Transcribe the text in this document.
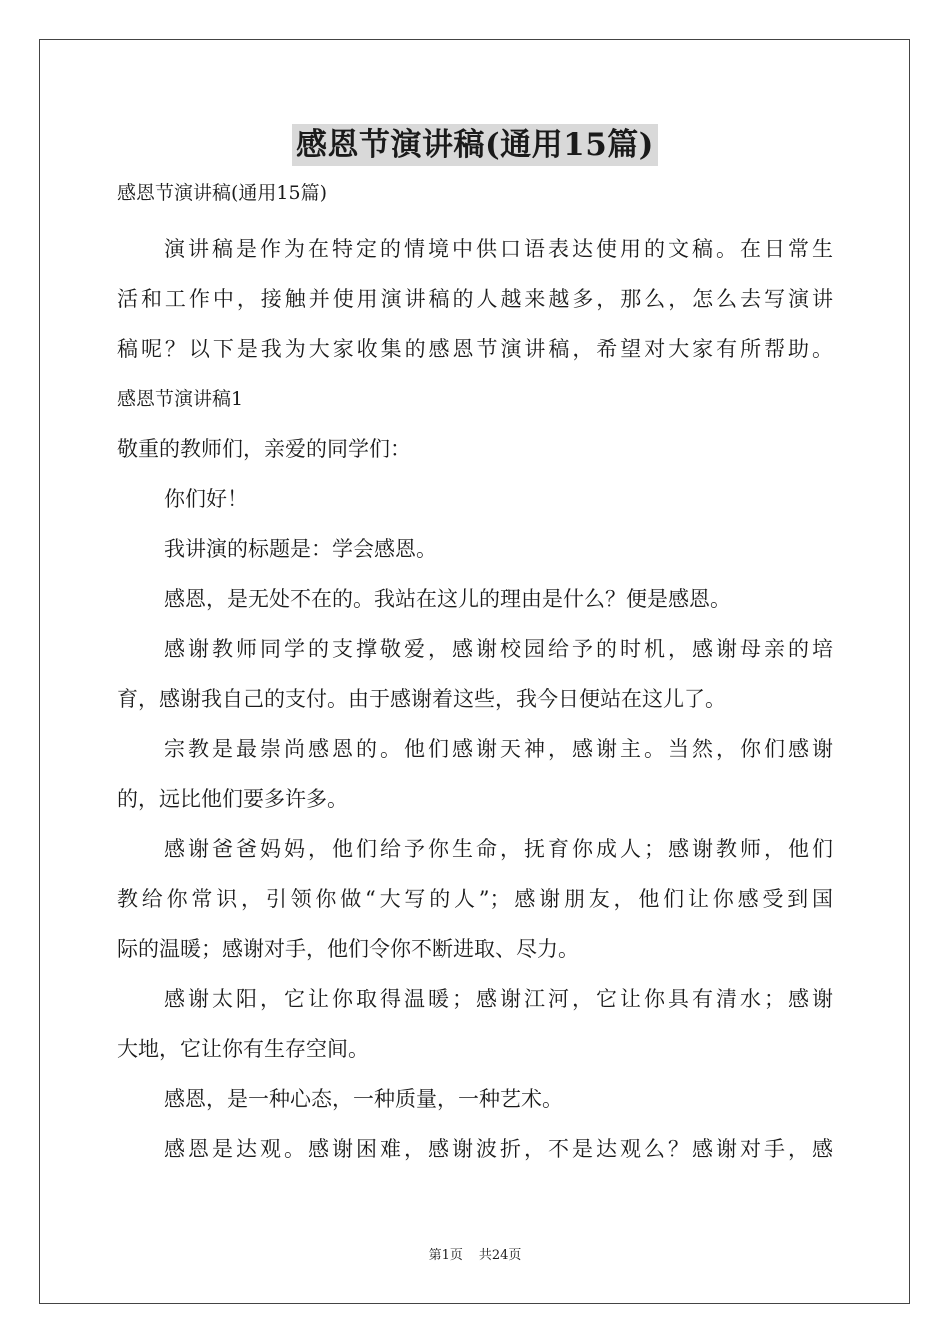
感恩节演讲稿(通用15篇)
感恩节演讲稿(通用15篇)
演讲稿是作为在特定的情境中供口语表达使用的文稿。在日常生
活和工作中，接触并使用演讲稿的人越来越多，那么，怎么去写演讲
稿呢？以下是我为大家收集的感恩节演讲稿，希望对大家有所帮助。
感恩节演讲稿1
敬重的教师们，亲爱的同学们：
你们好！
我讲演的标题是：学会感恩。
感恩，是无处不在的。我站在这儿的理由是什么？便是感恩。
感谢教师同学的支撑敬爱，感谢校园给予的时机，感谢母亲的培
育，感谢我自己的支付。由于感谢着这些，我今日便站在这儿了。
宗教是最崇尚感恩的。他们感谢天神，感谢主。当然，你们感谢
的，远比他们要多许多。
感谢爸爸妈妈，他们给予你生命，抚育你成人；感谢教师，他们
教给你常识，引领你做“大写的人”；感谢朋友，他们让你感受到国
际的温暖；感谢对手，他们令你不断进取、尽力。
感谢太阳，它让你取得温暖；感谢江河，它让你具有清水；感谢
大地，它让你有生存空间。
感恩，是一种心态，一种质量，一种艺术。
感恩是达观。感谢困难，感谢波折，不是达观么？感谢对手，感
第1页 共24页
